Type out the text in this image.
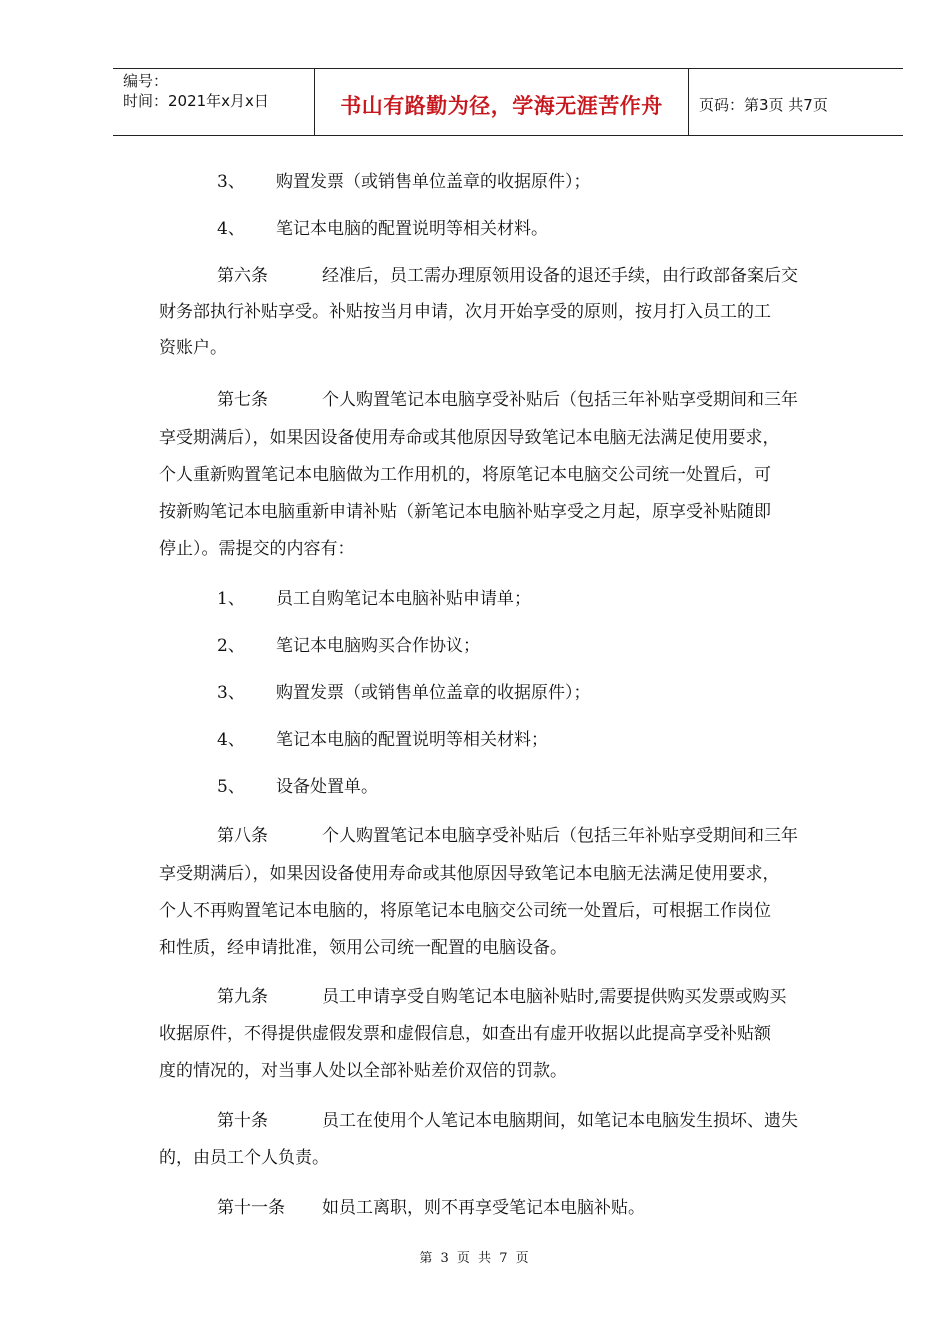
编号：
时间：2021年x月x日	书山有路勤为径，学海无涯苦作舟	页码：第3页 共7页
3、 购置发票（或销售单位盖章的收据原件）；
4、 笔记本电脑的配置说明等相关材料。
第六条	经准后，员工需办理原领用设备的退还手续，由行政部备案后交
财务部执行补贴享受。补贴按当月申请，次月开始享受的原则，按月打入员工的工
资账户。
第七条	个人购置笔记本电脑享受补贴后（包括三年补贴享受期间和三年
享受期满后），如果因设备使用寿命或其他原因导致笔记本电脑无法满足使用要求，
个人重新购置笔记本电脑做为工作用机的，将原笔记本电脑交公司统一处置后，可
按新购笔记本电脑重新申请补贴（新笔记本电脑补贴享受之月起，原享受补贴随即
停止）。需提交的内容有：
1、 员工自购笔记本电脑补贴申请单；
2、 笔记本电脑购买合作协议；
3、 购置发票（或销售单位盖章的收据原件）；
4、 笔记本电脑的配置说明等相关材料；
5、 设备处置单。
第八条	个人购置笔记本电脑享受补贴后（包括三年补贴享受期间和三年
享受期满后），如果因设备使用寿命或其他原因导致笔记本电脑无法满足使用要求，
个人不再购置笔记本电脑的，将原笔记本电脑交公司统一处置后，可根据工作岗位
和性质，经申请批准，领用公司统一配置的电脑设备。
第九条	员工申请享受自购笔记本电脑补贴时,需要提供购买发票或购买
收据原件，不得提供虚假发票和虚假信息，如查出有虚开收据以此提高享受补贴额
度的情况的，对当事人处以全部补贴差价双倍的罚款。
第十条	员工在使用个人笔记本电脑期间，如笔记本电脑发生损坏、遗失
的，由员工个人负责。
第十一条 如员工离职，则不再享受笔记本电脑补贴。
第 3 页 共 7 页
